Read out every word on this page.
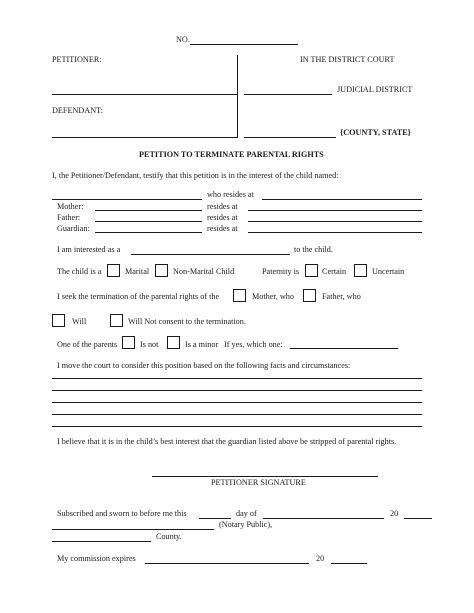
NO.
PETITIONER:	IN THE DISTRICT COURT
JUDICIAL DISTRICT
DEFENDANT:
{COUNTY, STATE}
PETITION TO TERMINATE PARENTAL RIGHTS
I, the Petitioner/Defendant, testify that this petition is in the interest of the child named:
who resides at
Mother:	resides at
Father:	resides at
Guardian:	resides at
I am interested as a	to the child.
The child is a	Marital	Non-Marital Child	Paternity is	Certain	Uncertain
I seek the termination of the parental rights of the	Mother, who	Father, who
Will	Will Not consent to the termination.
One of the parents	Is not	Is a minor If yes, which one:
I move the court to consider this position based on the following facts and circumstances:
I believe that it is in the child’s best interest that the guardian listed above be stripped of parental rights.
PETITIONER SIGNATURE
Subscribed and sworn to before me this	day of	20
(Notary Public),
County.
My commission expires	20
